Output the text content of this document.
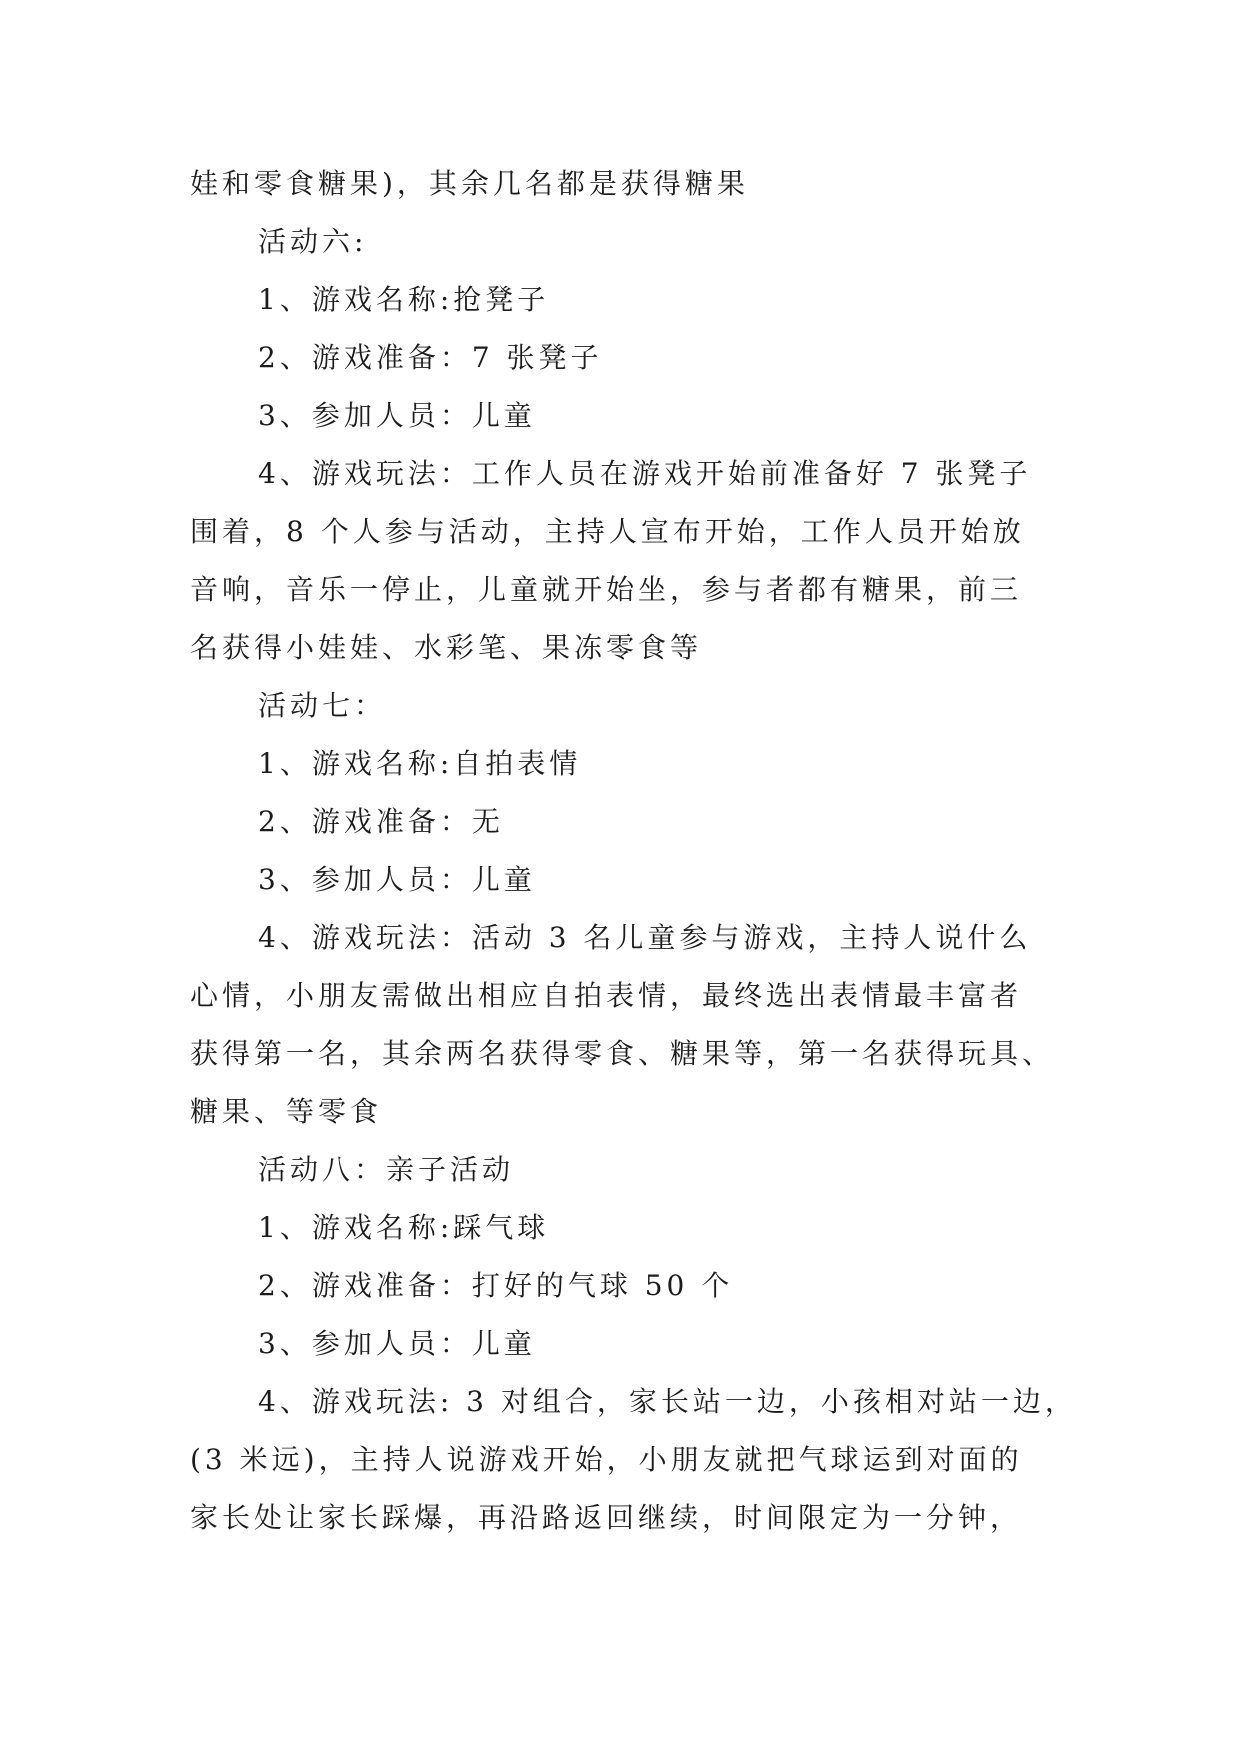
娃和零食糖果)，其余几名都是获得糖果
活动六:
1、游戏名称:抢凳子
2、游戏准备：7 张凳子
3、参加人员：儿童
4、游戏玩法：工作人员在游戏开始前准备好 7 张凳子
围着，8 个人参与活动，主持人宣布开始，工作人员开始放
音响，音乐一停止，儿童就开始坐，参与者都有糖果，前三
名获得小娃娃、水彩笔、果冻零食等
活动七：
1、游戏名称:自拍表情
2、游戏准备：无
3、参加人员：儿童
4、游戏玩法：活动 3 名儿童参与游戏，主持人说什么
心情，小朋友需做出相应自拍表情，最终选出表情最丰富者
获得第一名，其余两名获得零食、糖果等，第一名获得玩具、
糖果、等零食
活动八：亲子活动
1、游戏名称:踩气球
2、游戏准备：打好的气球 50 个
3、参加人员：儿童
4、游戏玩法: 3 对组合，家长站一边，小孩相对站一边，
(3 米远)，主持人说游戏开始，小朋友就把气球运到对面的
家长处让家长踩爆，再沿路返回继续，时间限定为一分钟，
